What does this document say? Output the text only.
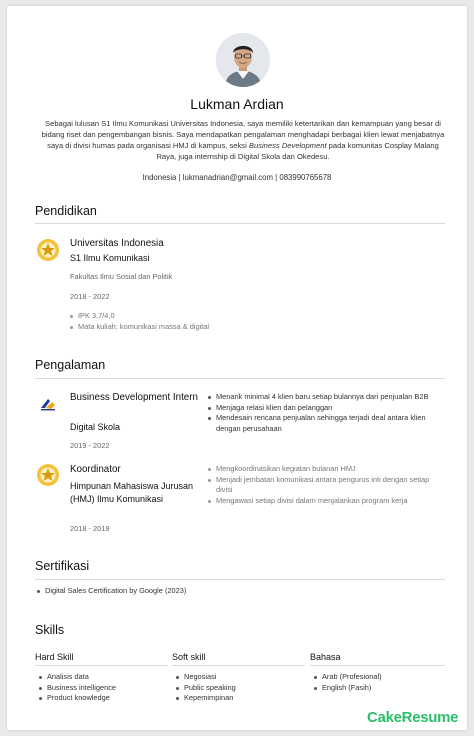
Lukman Ardian

Sebagai lulusan S1 Ilmu Komunikasi Universitas Indonesia, saya memiliki ketertarikan dan kemampuan yang besar di bidang riset dan pengembangan bisnis. Saya mendapatkan pengalaman menghadapi berbagai klien lewat menjabatnya saya di divisi humas pada organisasi HMJ di kampus, seksi Business Development pada komunitas Cosplay Malang Raya, juga internship di Digital Skola dan Okedesu.

Indonesia | lukmanadrian@gmail.com | 083990765678
Pendidikan
Universitas Indonesia
S1 Ilmu Komunikasi
Fakultas Ilmu Sosial dan Politik
2018 - 2022
IPK 3,7/4,0
Mata kuliah: komunikasi massa & digital
Pengalaman
Business Development Intern
Digital Skola
2019 - 2022
Menarik minimal 4 klien baru setiap bulannya dari penjualan B2B
Menjaga relasi klien dan pelanggan
Mendesain rencana penjualan sehingga terjadi deal antara klien dengan perusahaan
Koordinator
Himpunan Mahasiswa Jurusan (HMJ) Ilmu Komunikasi
2018 - 2019
Mengkoordinasikan kegiatan bulanan HMJ
Menjadi jembatan komunikasi antara pengurus inti dengan setiap divisi
Mengawasi setiap divisi dalam menjalankan program kerja
Sertifikasi
Digital Sales Certification by Google (2023)
Skills
Hard Skill
Analisis data
Business intelligence
Product knowledge
Soft skill
Negosiasi
Public speaking
Kepemimpinan
Bahasa
Arab (Profesional)
English (Fasih)
CakeResume
